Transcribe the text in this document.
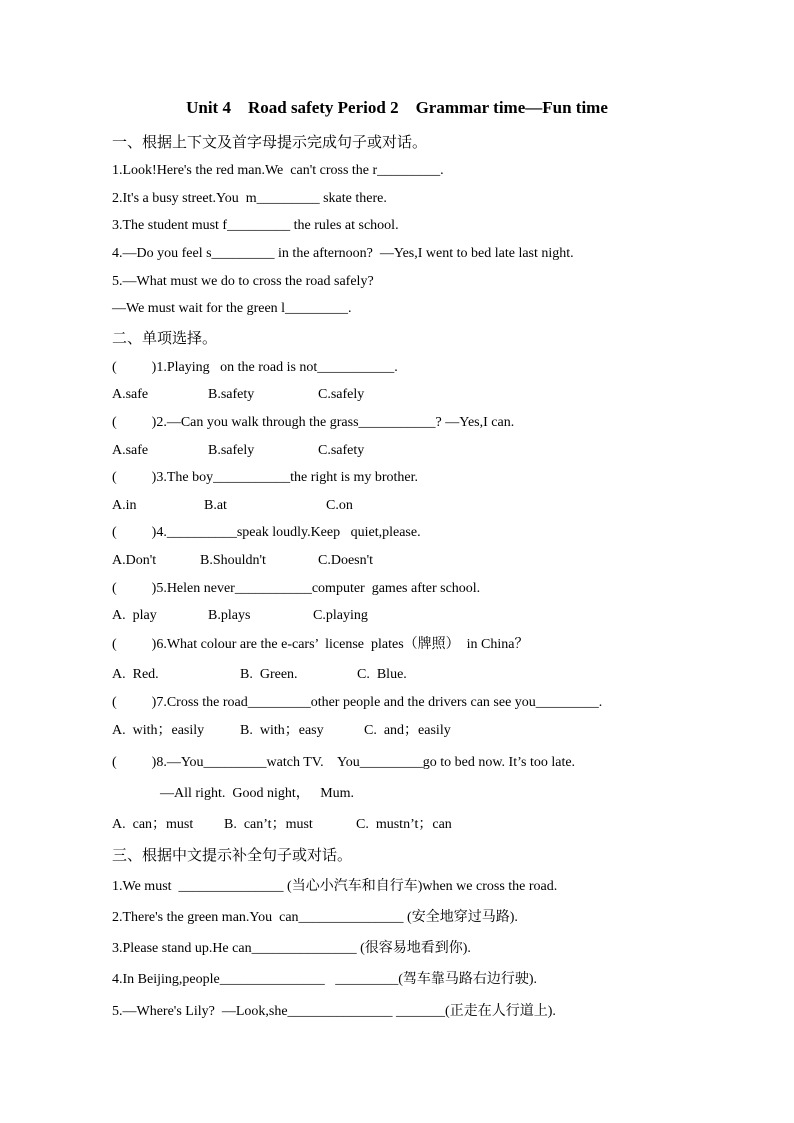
Unit 4    Road safety Period 2    Grammar time—Fun time
一、根据上下文及首字母提示完成句子或对话。
1.Look!Here's the red man.We  can't cross the r_________.
2.It's a busy street.You  m_________ skate there.
3.The student must f_________ the rules at school.
4.—Do you feel s_________ in the afternoon?  —Yes,I went to bed late last night.
5.—What must we do to cross the road safely?
—We must wait for the green l_________.
二、单项选择。
(          )1.Playing   on the road is not___________.
A.safe	B.safety	C.safely
(          )2.—Can you walk through the grass___________? —Yes,I can.
A.safe	B.safely	C.safety
(          )3.The boy___________the right is my brother.
A.in	B.at	C.on
(          )4.__________speak loudly.Keep   quiet,please.
A.Don't	B.Shouldn't	C.Doesn't
(          )5.Helen never___________computer  games after school.
A.  play	B.plays	C.playing
(          )6.What colour are the e-cars’  license  plates（牌照）  in China？
A.  Red.	B.  Green.	C.  Blue.
(          )7.Cross the road_________other people and the drivers can see you_________.
A.  with；easily	B.  with；easy	C.  and；easily
(          )8.—You_________watch TV.    You_________go to bed now. It’s too late.
—All right.  Good night，   Mum.
A.  can；must B.  can’t；must	C.  mustn’t；can
三、根据中文提示补全句子或对话。
1.We must  _______________ (当心小汽车和自行车)when we cross the road.
2.There's the green man.You  can_______________ (安全地穿过马路).
3.Please stand up.He can_______________ (很容易地看到你).
4.In Beijing,people_______________   _________(驾车靠马路右边行驶).
5.—Where's Lily?  —Look,she_______________ _______(正走在人行道上).
